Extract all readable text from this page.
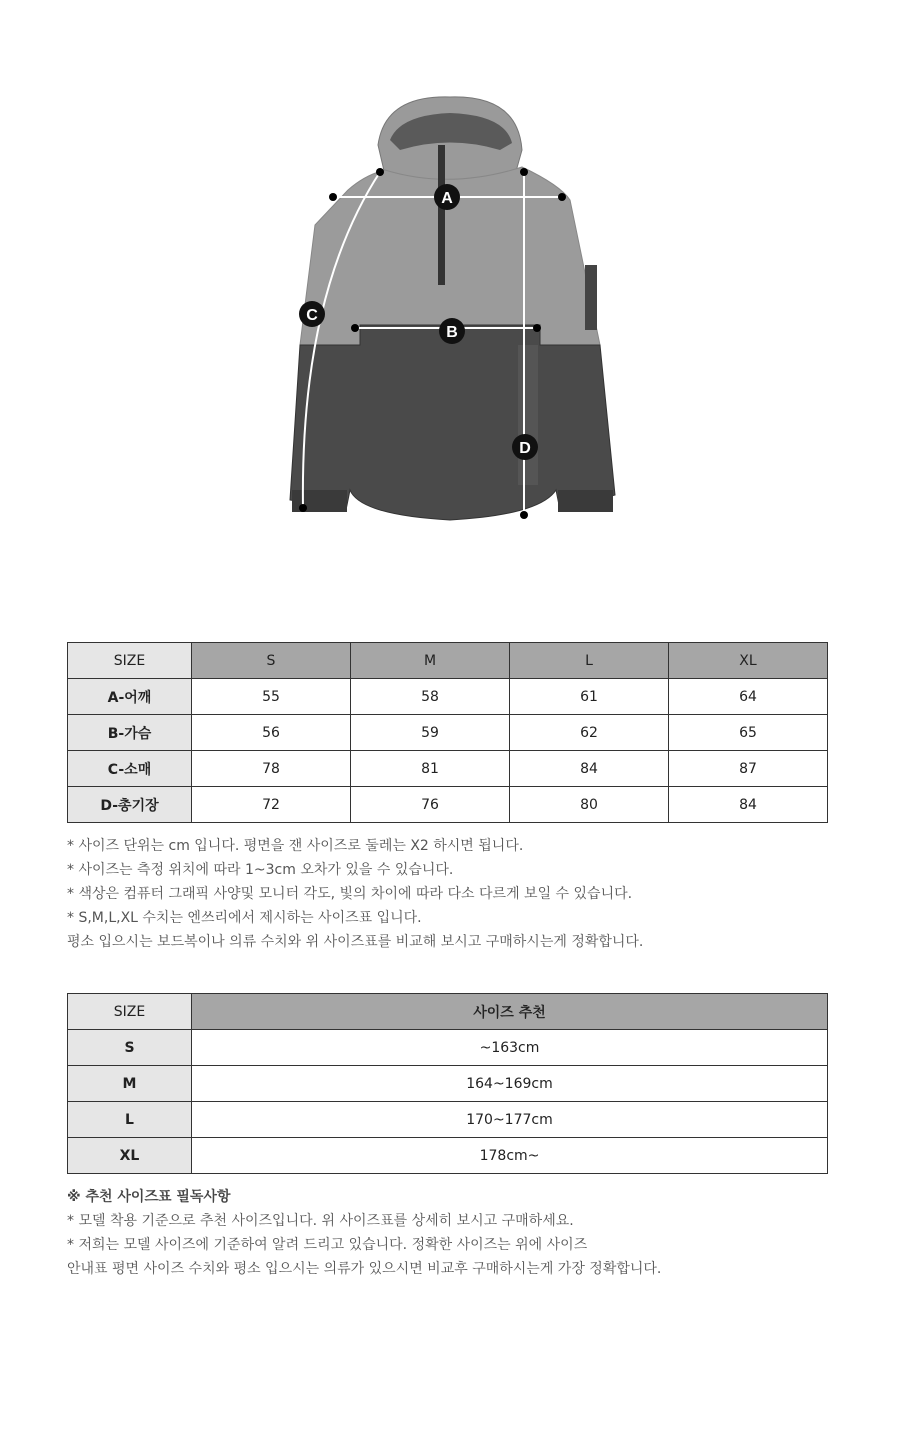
A
B
C
D
SIZE	S	M	L	XL
A-어깨	55	58	61	64
B-가슴	56	59	62	65
C-소매	78	81	84	87
D-총기장	72	76	80	84
* 사이즈 단위는 cm 입니다. 평면을 잰 사이즈로 둘레는 X2 하시면 됩니다.
* 사이즈는 측정 위치에 따라 1~3cm 오차가 있을 수 있습니다.
* 색상은 컴퓨터 그래픽 사양및 모니터 각도, 빛의 차이에 따라 다소 다르게 보일 수 있습니다.
* S,M,L,XL 수치는 엔쓰리에서 제시하는 사이즈표 입니다.
평소 입으시는 보드복이나 의류 수치와 위 사이즈표를 비교해 보시고 구매하시는게 정확합니다.
SIZE	사이즈 추천
S	~163cm
M	164~169cm
L	170~177cm
XL	178cm~
※ 추천 사이즈표 필독사항
* 모델 착용 기준으로 추천 사이즈입니다. 위 사이즈표를 상세히 보시고 구매하세요.
* 저희는 모델 사이즈에 기준하여 알려 드리고 있습니다. 정확한 사이즈는 위에 사이즈
안내표 평면 사이즈 수치와 평소 입으시는 의류가 있으시면 비교후 구매하시는게 가장 정확합니다.
